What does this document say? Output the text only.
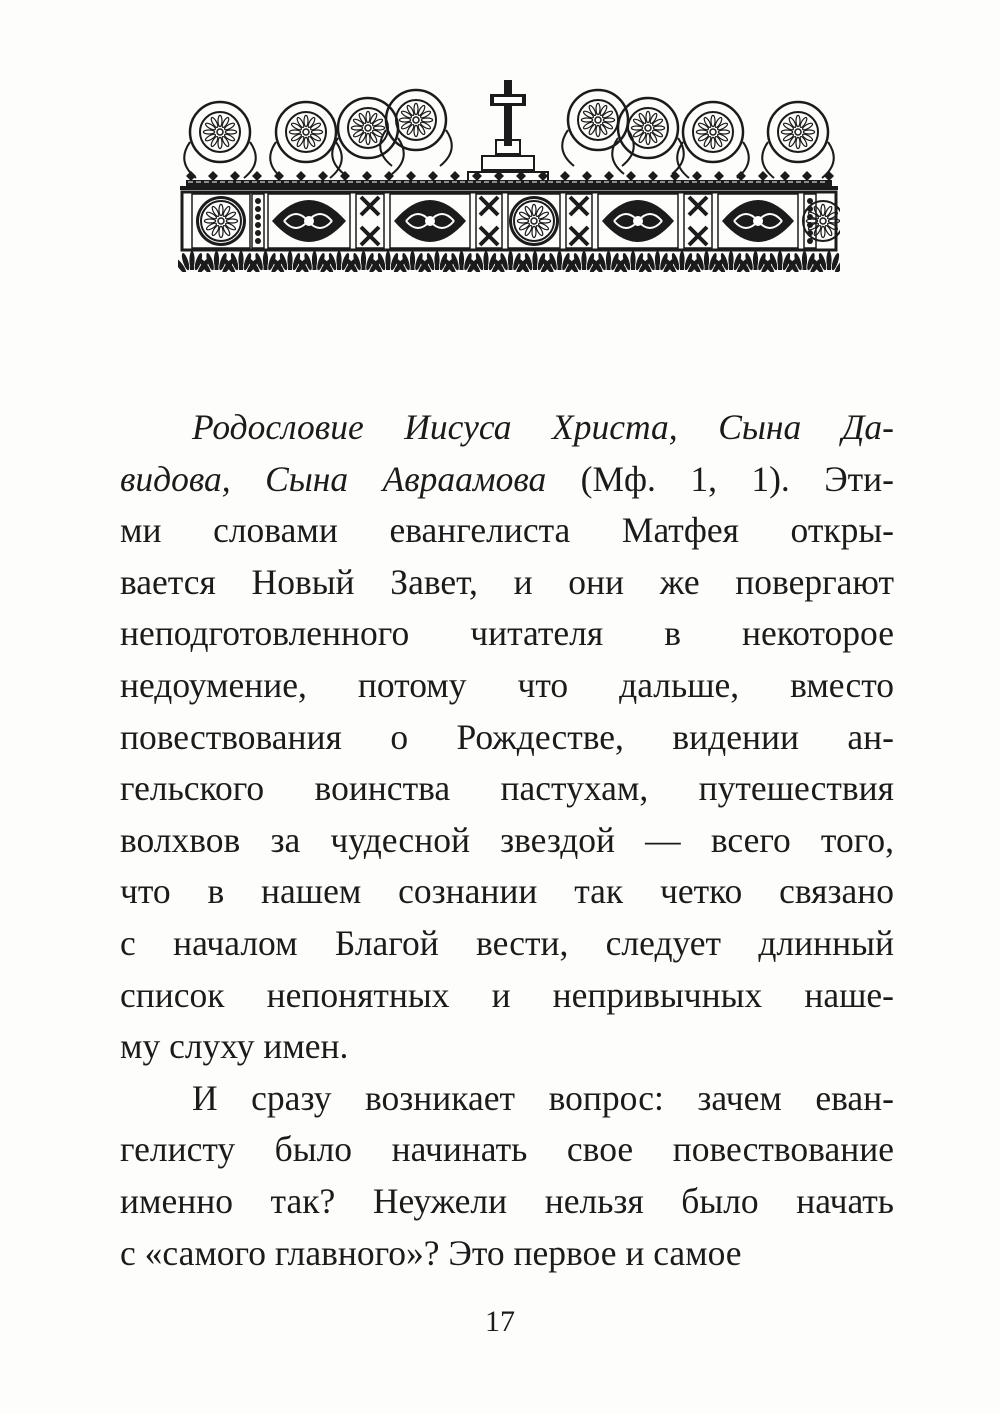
Родословие Иисуса Христа, Сына Да-
видова, Сына Авраамова (Мф. 1, 1). Эти-
ми словами евангелиста Матфея откры-
вается Новый Завет, и они же повергают
неподготовленного читателя в некоторое
недоумение, потому что дальше, вместо
повествования о Рождестве, видении ан-
гельского воинства пастухам, путешествия
волхвов за чудесной звездой — всего того,
что в нашем сознании так четко связано
с началом Благой вести, следует длинный
список непонятных и непривычных наше-
му слуху имен.
И сразу возникает вопрос: зачем еван-
гелисту было начинать свое повествование
именно так? Неужели нельзя было начать
с «самого главного»? Это первое и самое
17
